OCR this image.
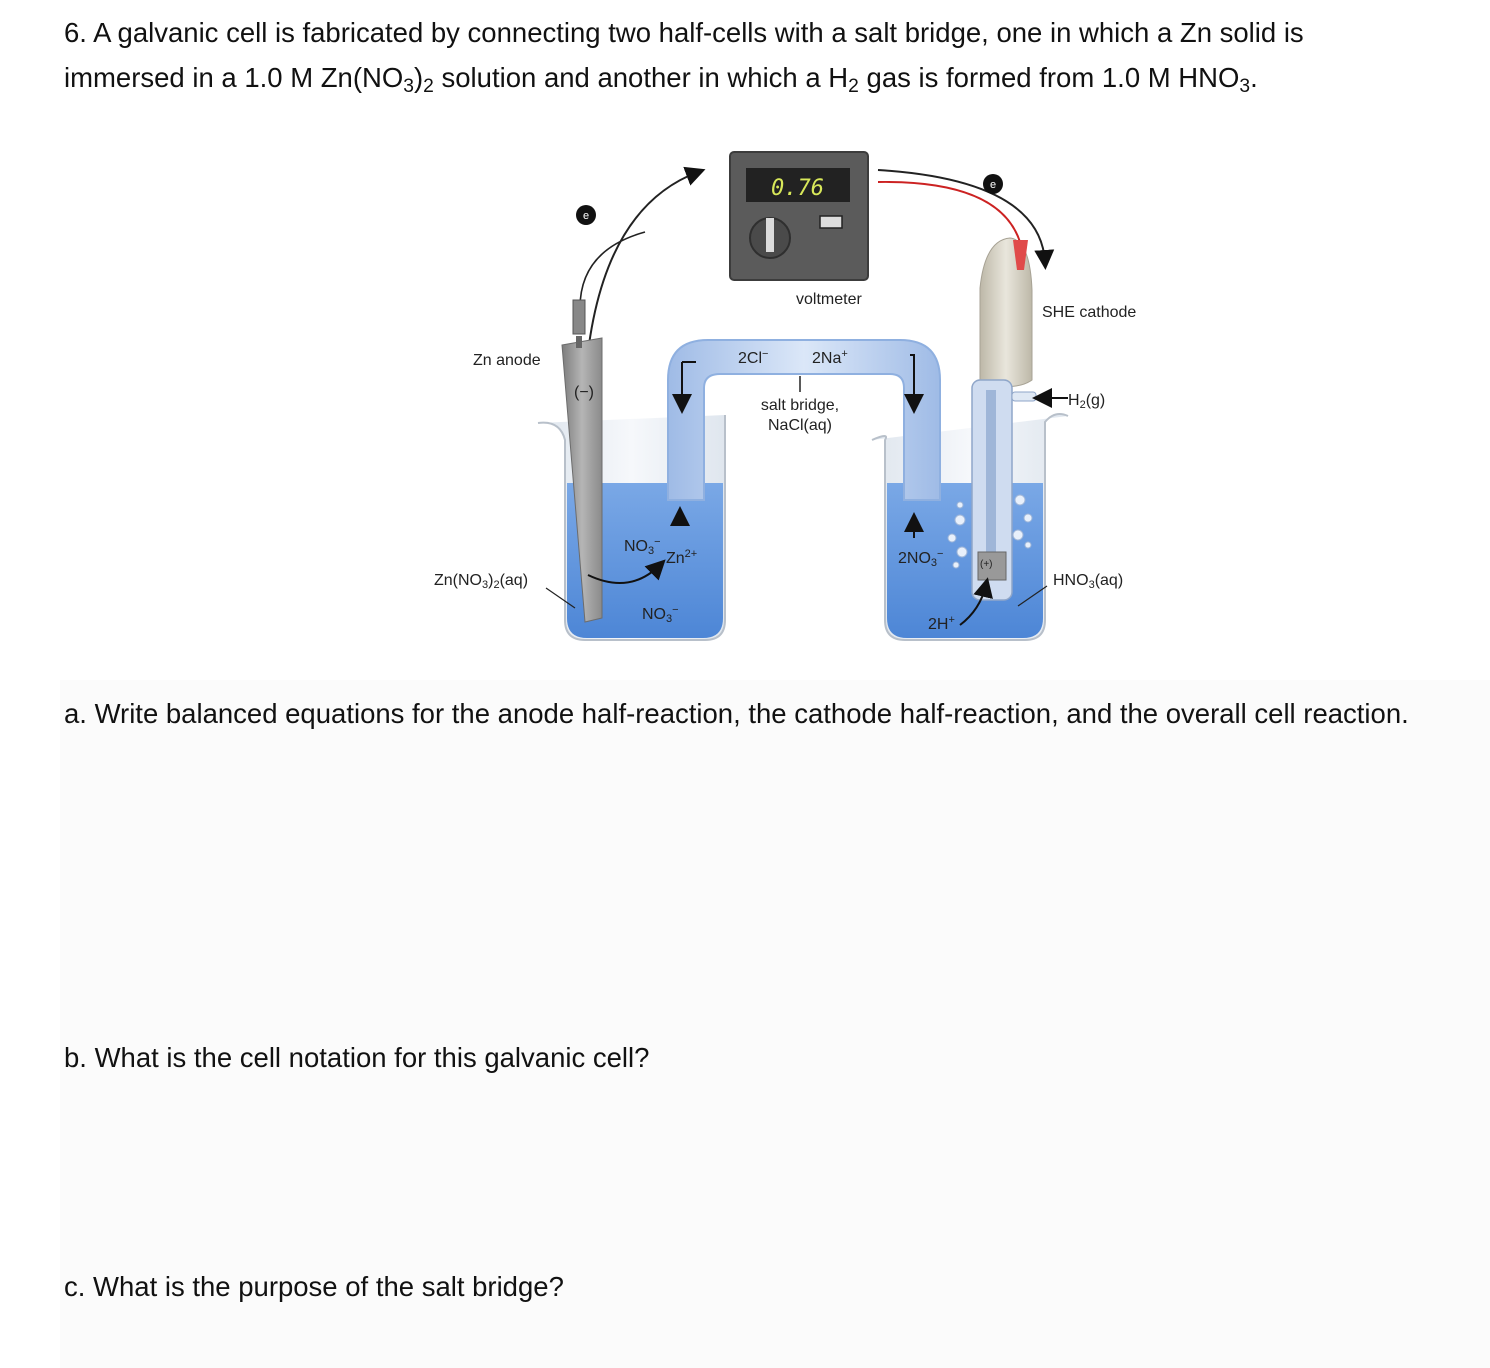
6. A galvanic cell is fabricated by connecting two half-cells with a salt bridge, one in which a Zn solid is
immersed in a 1.0 M $Zn(NO_3)_2$ solution and another in which a $H_2$ gas is formed from 1.0 M $HNO_3$.
e
e
0.76
voltmeter
SHE cathode
Zn anode
(−)
2Cl−	2Na+
salt bridge,
NaCl(aq)
$H_2(g)$
$NO_3^-$
$Zn^{2+}$
$Zn(NO_3)_2(aq)$
$NO_3^-$
$2NO_3^-$
(+)
$HNO_3(aq)$
2H+
a. Write balanced equations for the anode half-reaction, the cathode half-reaction, and the overall cell reaction.
b. What is the cell notation for this galvanic cell?
c. What is the purpose of the salt bridge?
